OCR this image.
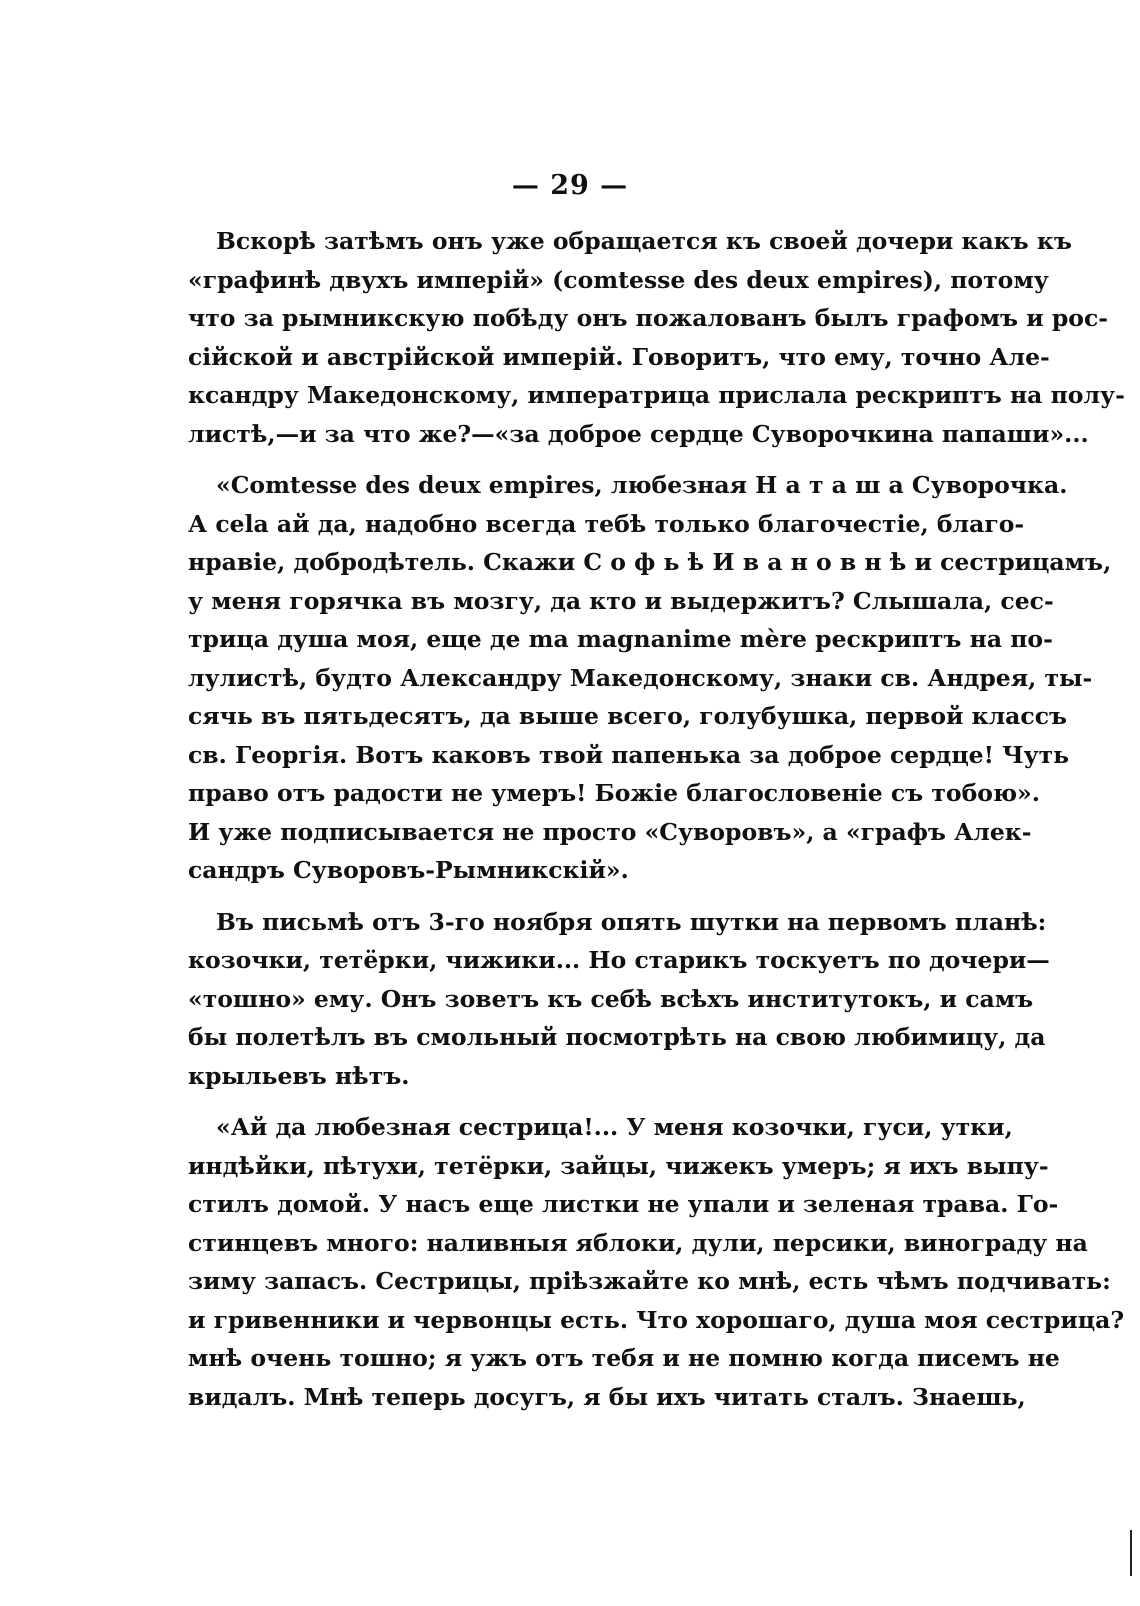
— 29 —
Вскорѣ затѣмъ онъ уже обращается къ своей дочери какъ къ
«графинѣ двухъ имперій» (comtesse des deux empires), потому
что за рымникскую побѣду онъ пожалованъ былъ графомъ и рос-
сійской и австрійской имперій. Говоритъ, что ему, точно Але-
ксандру Македонскому, императрица прислала рескриптъ на полу-
листѣ,—и за что же?—«за доброе сердце Суворочкина папаши»...
«Comtesse des deux empires, любезная Н а т а ш а Суворочка.
А cela ай да, надобно всегда тебѣ только благочестіе, благо-
нравіе, добродѣтель. Скажи С о ф ь ѣ И в а н о в н ѣ и сестрицамъ,
у меня горячка въ мозгу, да кто и выдержитъ? Слышала, сес-
трица душа моя, еще де ma magnanime mère рескриптъ на по-
лулистѣ, будто Александру Македонскому, знаки св. Андрея, ты-
сячь въ пятьдесятъ, да выше всего, голубушка, первой классъ
св. Георгія. Вотъ каковъ твой папенька за доброе сердце! Чуть
право отъ радости не умеръ! Божіе благословеніе съ тобою».
И уже подписывается не просто «Суворовъ», а «графъ Алек-
сандръ Суворовъ-Рымникскій».
Въ письмѣ отъ 3-го ноября опять шутки на первомъ планѣ:
козочки, тетёрки, чижики... Но старикъ тоскуетъ по дочери—
«тошно» ему. Онъ зоветъ къ себѣ всѣхъ институтокъ, и самъ
бы полетѣлъ въ смольный посмотрѣть на свою любимицу, да
крыльевъ нѣтъ.
«Ай да любезная сестрица!... У меня козочки, гуси, утки,
индѣйки, пѣтухи, тетёрки, зайцы, чижекъ умеръ; я ихъ выпу-
стилъ домой. У насъ еще листки не упали и зеленая трава. Го-
стинцевъ много: наливныя яблоки, дули, персики, винограду на
зиму запасъ. Сестрицы, пріѣзжайте ко мнѣ, есть чѣмъ подчивать:
и гривенники и червонцы есть. Что хорошаго, душа моя сестрица?
мнѣ очень тошно; я ужъ отъ тебя и не помню когда писемъ не
видалъ. Мнѣ теперь досугъ, я бы ихъ читать сталъ. Знаешь,
